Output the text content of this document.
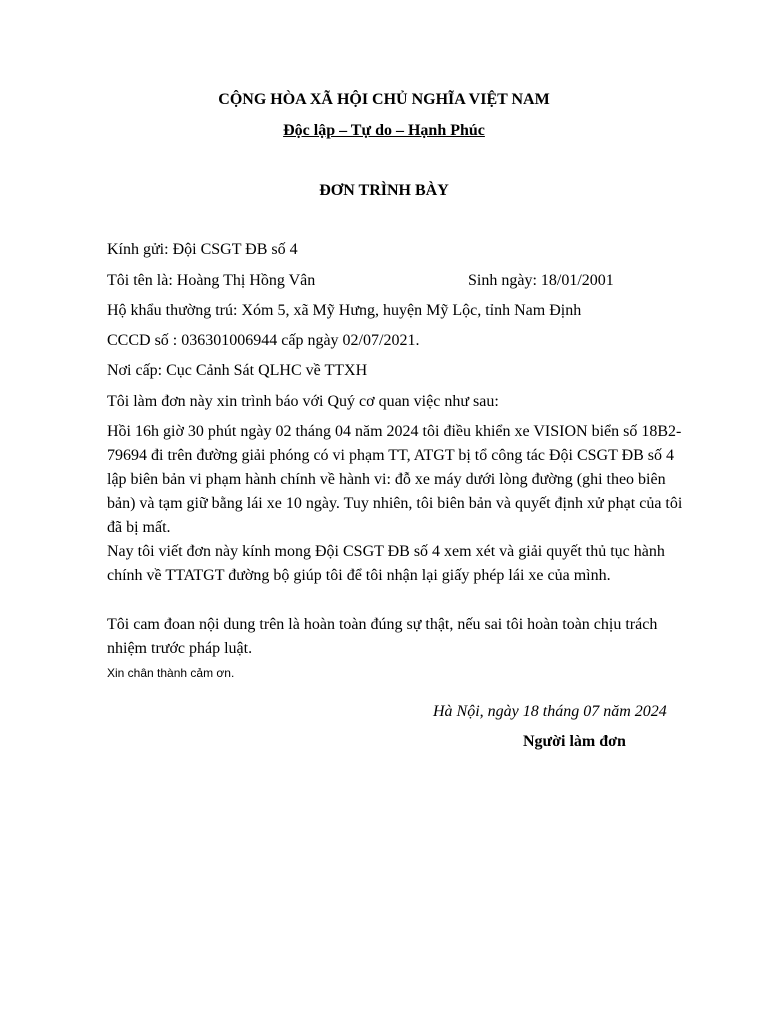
CỘNG HÒA XÃ HỘI CHỦ NGHĨA VIỆT NAM
Độc lập – Tự do – Hạnh Phúc
ĐƠN TRÌNH BÀY
Kính gửi: Đội CSGT ĐB số 4
Tôi tên là: Hoàng Thị Hồng Vân	Sinh ngày: 18/01/2001
Hộ khẩu thường trú: Xóm 5, xã Mỹ Hưng, huyện Mỹ Lộc, tỉnh Nam Định
CCCD số : 036301006944 cấp ngày 02/07/2021.
Nơi cấp: Cục Cảnh Sát QLHC về TTXH
Tôi làm đơn này xin trình báo với Quý cơ quan việc như sau:
Hồi 16h giờ 30 phút ngày 02 tháng 04 năm 2024 tôi điều khiển xe VISION biển số 18B2-79694 đi trên đường giải phóng có vi phạm TT, ATGT bị tổ công tác Đội CSGT ĐB số 4 lập biên bản vi phạm hành chính về hành vi: đỗ xe máy dưới lòng đường (ghi theo biên bản) và tạm giữ bằng lái xe 10 ngày. Tuy nhiên, tôi biên bản và quyết định xử phạt của tôi đã bị mất.
Nay tôi viết đơn này kính mong Đội CSGT ĐB số 4 xem xét và giải quyết thủ tục hành chính về TTATGT đường bộ giúp tôi để tôi nhận lại giấy phép lái xe của mình.
Tôi cam đoan nội dung trên là hoàn toàn đúng sự thật, nếu sai tôi hoàn toàn chịu trách nhiệm trước pháp luật.
Xin chân thành cảm ơn.
Hà Nội, ngày 18 tháng 07 năm 2024
Người làm đơn
